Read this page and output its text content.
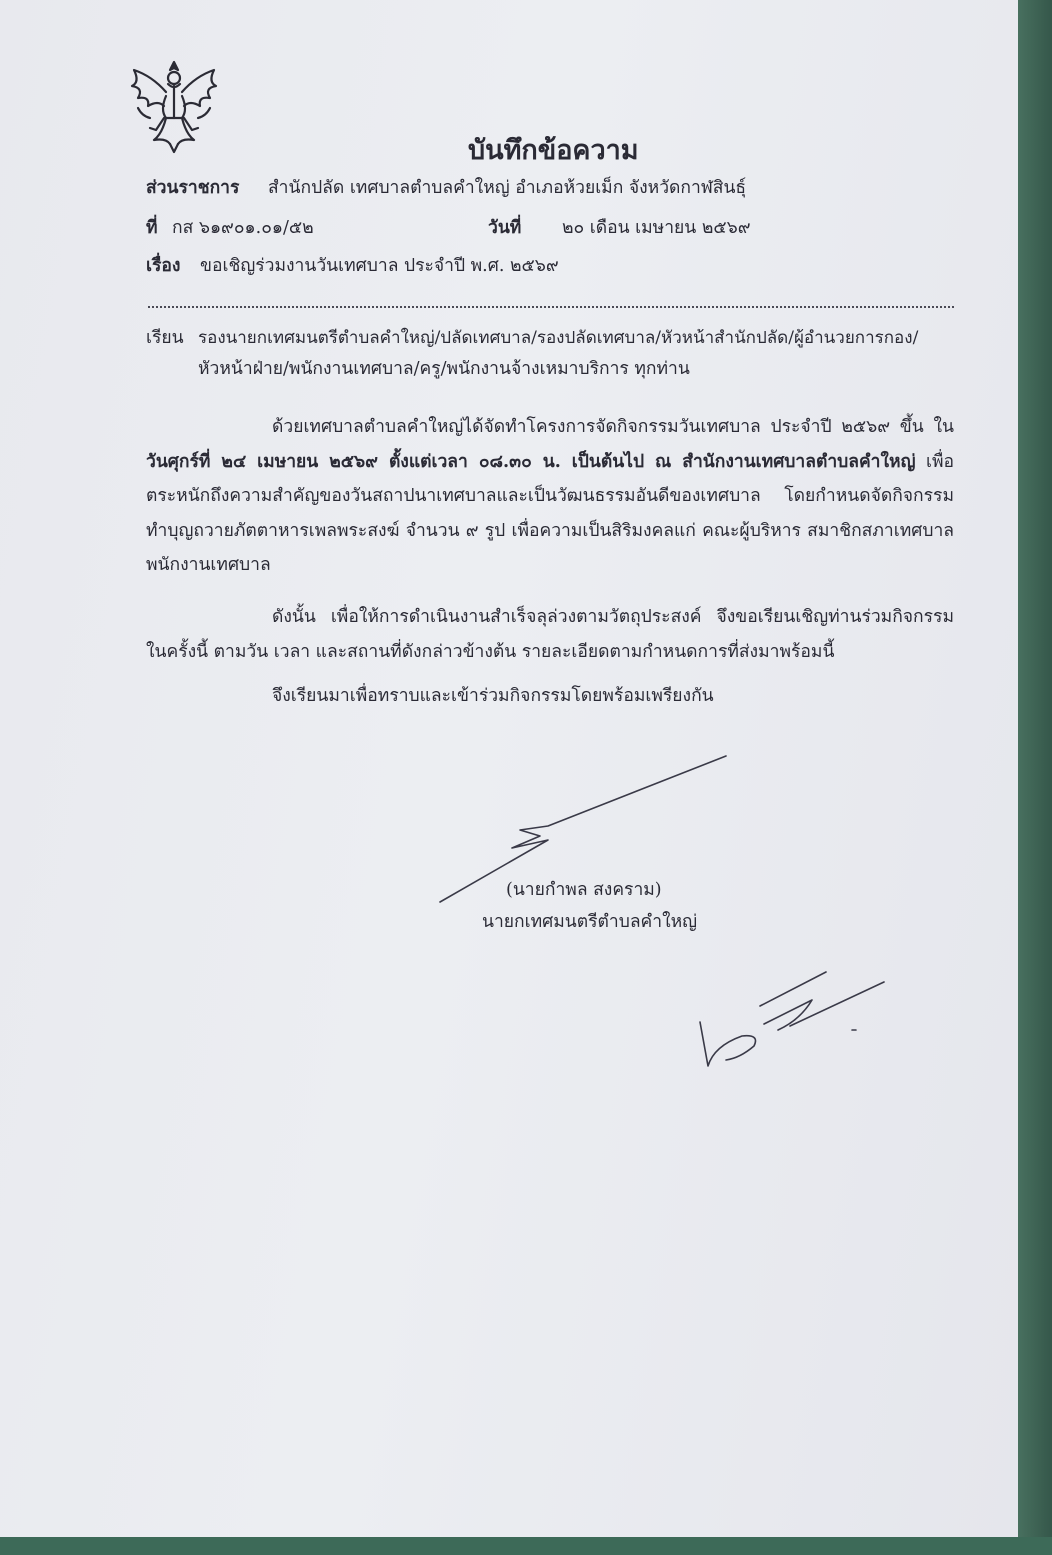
บันทึกข้อความ
ส่วนราชการ สำนักปลัด เทศบาลตำบลคำใหญ่ อำเภอห้วยเม็ก จังหวัดกาฬสินธุ์
ที่ กส ๖๑๙๐๑.๐๑/๕๒	วันที่ ๒๐ เดือน เมษายน ๒๕๖๙
เรื่อง ขอเชิญร่วมงานวันเทศบาล ประจำปี พ.ศ. ๒๕๖๙
เรียน รองนายกเทศมนตรีตำบลคำใหญ่/ปลัดเทศบาล/รองปลัดเทศบาล/หัวหน้าสำนักปลัด/ผู้อำนวยการกอง/
หัวหน้าฝ่าย/พนักงานเทศบาล/ครู/พนักงานจ้างเหมาบริการ ทุกท่าน

ด้วยเทศบาลตำบลคำใหญ่ได้จัดทำโครงการจัดกิจกรรมวันเทศบาล ประจำปี ๒๕๖๙ ขึ้น ใน วันศุกร์ที่ ๒๔ เมษายน ๒๕๖๙ ตั้งแต่เวลา ๐๘.๓๐ น. เป็นต้นไป ณ สำนักงานเทศบาลตำบลคำใหญ่ เพื่อตระหนักถึงความสำคัญของวันสถาปนาเทศบาลและเป็นวัฒนธรรมอันดีของเทศบาล โดยกำหนดจัดกิจกรรมทำบุญถวายภัตตาหารเพลพระสงฆ์ จำนวน ๙ รูป เพื่อความเป็นสิริมงคลแก่ คณะผู้บริหาร สมาชิกสภาเทศบาล พนักงานเทศบาล

ดังนั้น เพื่อให้การดำเนินงานสำเร็จลุล่วงตามวัตถุประสงค์ จึงขอเรียนเชิญท่านร่วมกิจกรรมในครั้งนี้ ตามวัน เวลา และสถานที่ดังกล่าวข้างต้น รายละเอียดตามกำหนดการที่ส่งมาพร้อมนี้

จึงเรียนมาเพื่อทราบและเข้าร่วมกิจกรรมโดยพร้อมเพรียงกัน
(นายกำพล สงคราม)
นายกเทศมนตรีตำบลคำใหญ่
